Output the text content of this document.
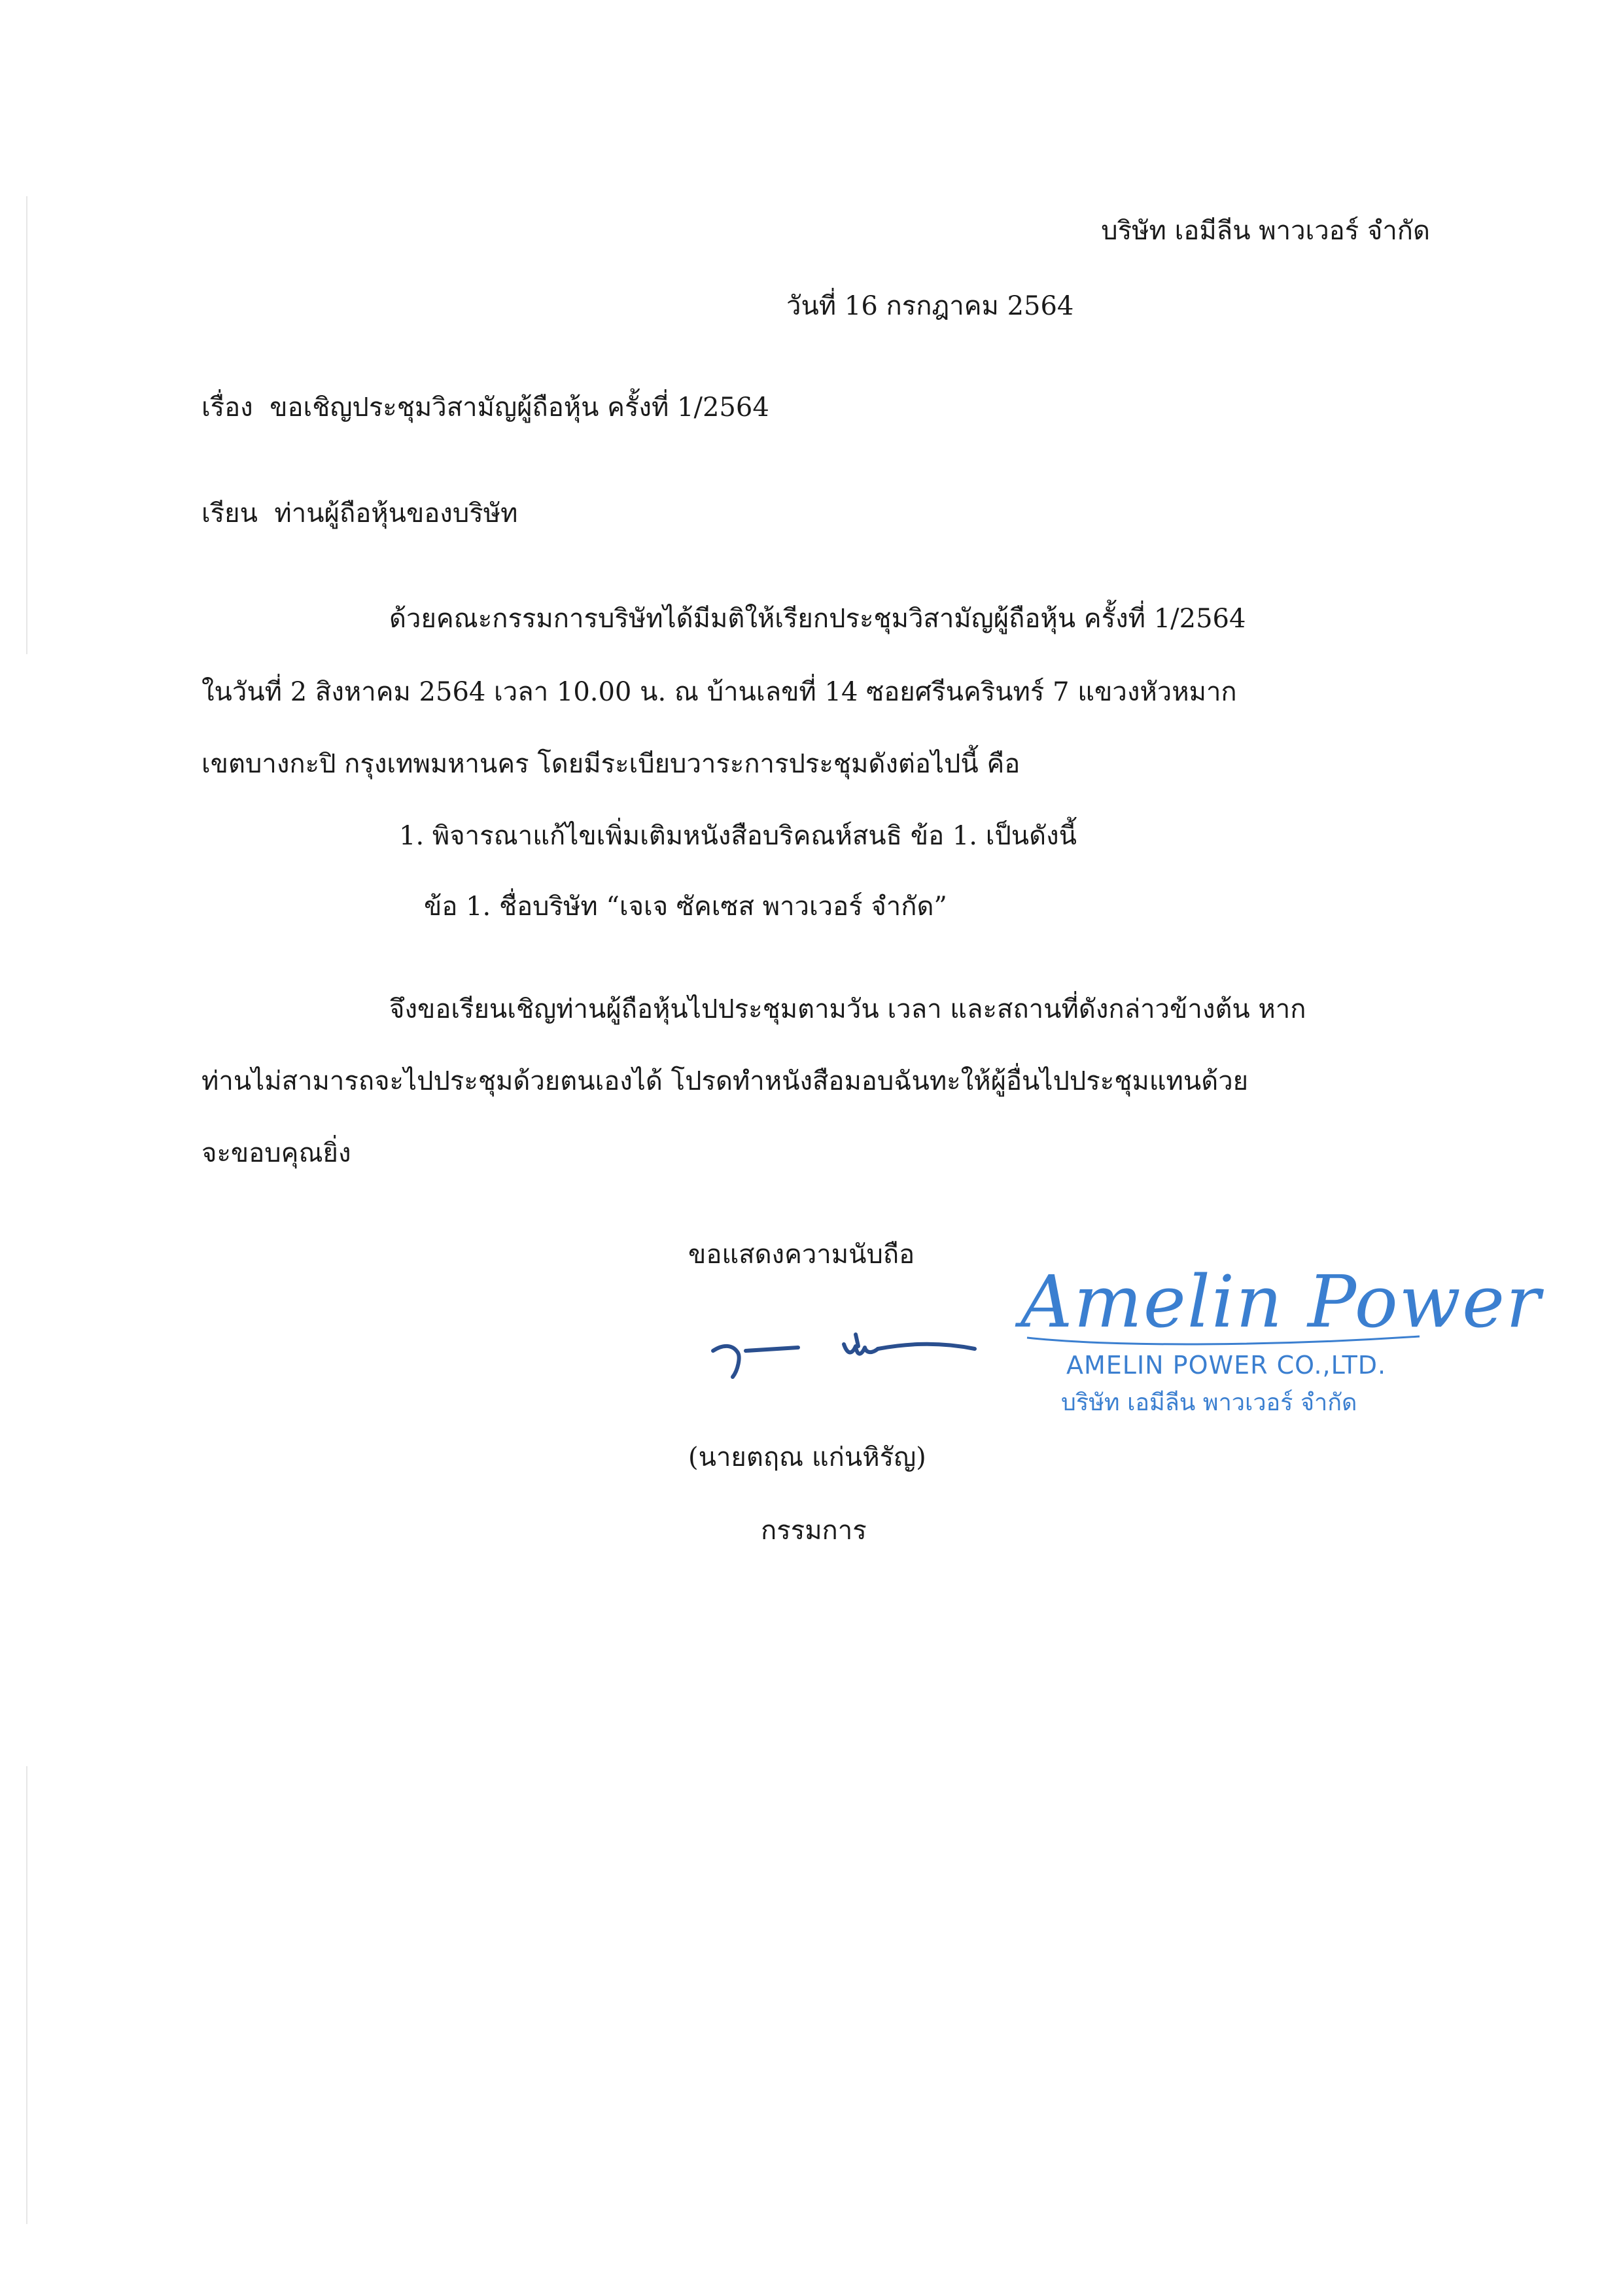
บริษัท เอมีลีน พาวเวอร์ จำกัด
วันที่ 16 กรกฎาคม 2564
เรื่อง ขอเชิญประชุมวิสามัญผู้ถือหุ้น ครั้งที่ 1/2564
เรียน ท่านผู้ถือหุ้นของบริษัท
ด้วยคณะกรรมการบริษัทได้มีมติให้เรียกประชุมวิสามัญผู้ถือหุ้น ครั้งที่ 1/2564
ในวันที่ 2 สิงหาคม 2564 เวลา 10.00 น. ณ บ้านเลขที่ 14 ซอยศรีนครินทร์ 7 แขวงหัวหมาก
เขตบางกะปิ กรุงเทพมหานคร โดยมีระเบียบวาระการประชุมดังต่อไปนี้ คือ
1. พิจารณาแก้ไขเพิ่มเติมหนังสือบริคณห์สนธิ ข้อ 1. เป็นดังนี้
ข้อ 1. ชื่อบริษัท “เจเจ ซัคเซส พาวเวอร์ จำกัด”
จึงขอเรียนเชิญท่านผู้ถือหุ้นไปประชุมตามวัน เวลา และสถานที่ดังกล่าวข้างต้น หาก
ท่านไม่สามารถจะไปประชุมด้วยตนเองได้ โปรดทำหนังสือมอบฉันทะให้ผู้อื่นไปประชุมแทนด้วย
จะขอบคุณยิ่ง
ขอแสดงความนับถือ
Amelin Power
AMELIN POWER CO.,LTD.
บริษัท เอมีลีน พาวเวอร์ จำกัด
(นายตฤณ แก่นหิรัญ)
กรรมการ
